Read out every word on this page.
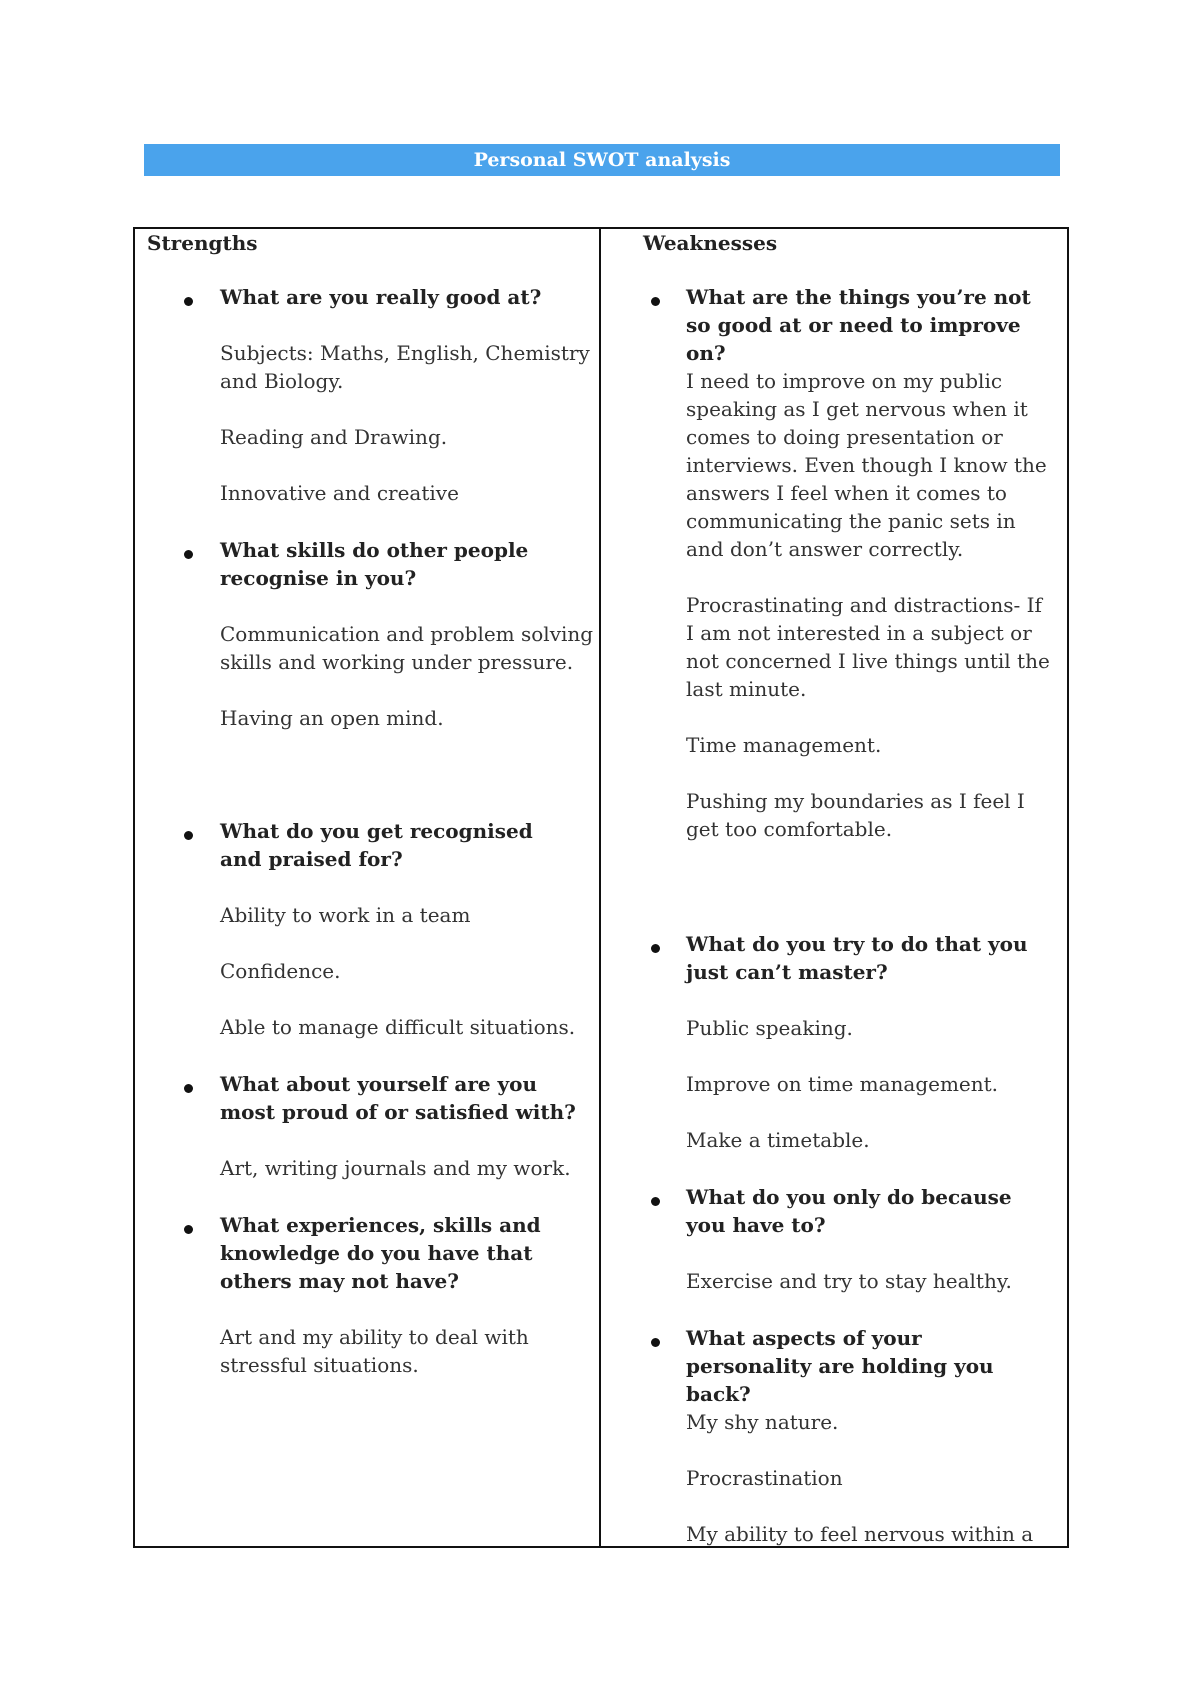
Personal SWOT analysis
Strengths
What are you really good at?
Subjects: Maths, English, Chemistry and Biology.
Reading and Drawing.
Innovative and creative
What skills do other people recognise in you?
Communication and problem solving skills and working under pressure.
Having an open mind.
What do you get recognised and praised for?
Ability to work in a team
Confidence.
Able to manage difficult situations.
What about yourself are you most proud of or satisfied with?
Art, writing journals and my work.
What experiences, skills and knowledge do you have that others may not have?
Art and my ability to deal with stressful situations.
Weaknesses
What are the things you’re not so good at or need to improve on?
I need to improve on my public speaking as I get nervous when it comes to doing presentation or interviews. Even though I know the answers I feel when it comes to communicating the panic sets in and don’t answer correctly.
Procrastinating and distractions- If I am not interested in a subject or not concerned I live things until the last minute.
Time management.
Pushing my boundaries as I feel I get too comfortable.
What do you try to do that you just can’t master?
Public speaking.
Improve on time management.
Make a timetable.
What do you only do because you have to?
Exercise and try to stay healthy.
What aspects of your personality are holding you back?
My shy nature.
Procrastination
My ability to feel nervous within a
